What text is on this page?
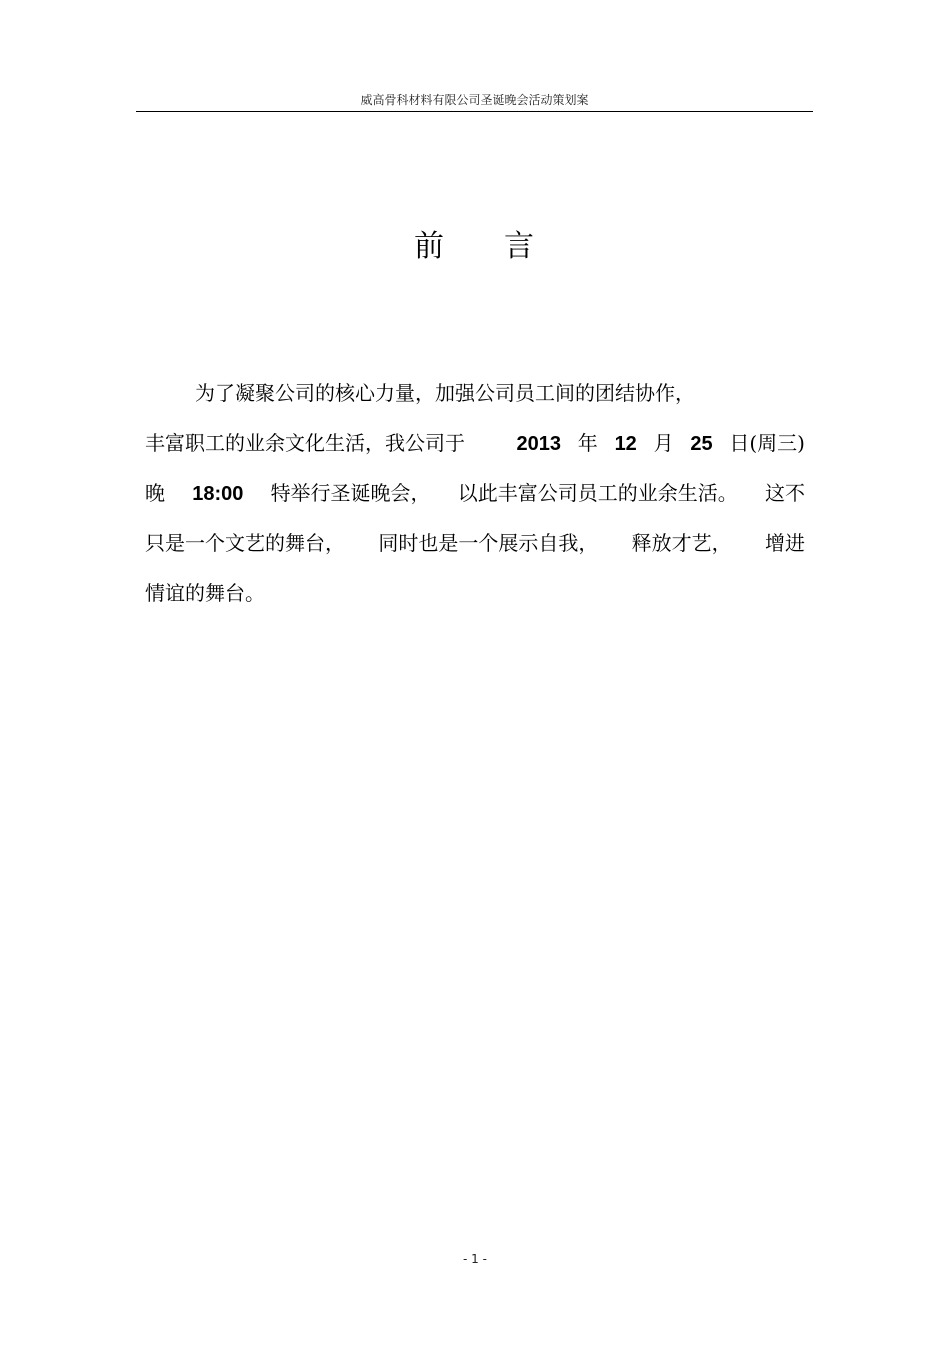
威高骨科材料有限公司圣诞晚会活动策划案
前 言
为了凝聚公司的核心力量，加强公司员工间的团结协作，
丰富职工的业余文化生活，我公司于	2013 年 12 月 25 日(周三)
晚 18:00 特举行圣诞晚会， 以此丰富公司员工的业余生活。 这不
只是一个文艺的舞台， 同时也是一个展示自我， 释放才艺， 增进
情谊的舞台。
- 1 -
